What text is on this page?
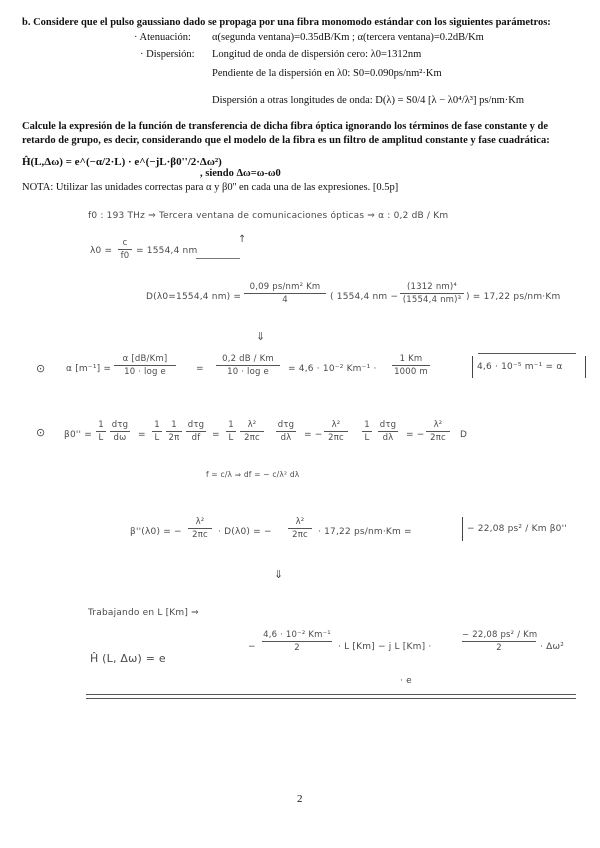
b. Considere que el pulso gaussiano dado se propaga por una fibra monomodo estándar con los siguientes parámetros:
· Atenuación: α(segunda ventana)=0.35dB/Km ; α(tercera ventana)=0.2dB/Km
· Dispersión: Longitud de onda de dispersión cero: λ0=1312nm
Pendiente de la dispersión en λ0: S0=0.090ps/nm²·Km
Dispersión a otras longitudes de onda: D(λ) = S0/4 [λ − λ0⁴/λ³] ps/nm·Km
Calcule la expresión de la función de transferencia de dicha fibra óptica ignorando los términos de fase constante y de
retardo de grupo, es decir, considerando que el modelo de la fibra es un filtro de amplitud constante y fase cuadrática:
Ĥ(L,Δω) = e^(−α/2·L) · e^(−jL·β0''/2·Δω²)
, siendo Δω=ω-ω0
NOTA: Utilizar las unidades correctas para α y β0'' en cada una de las expresiones. [0.5p]
f0 : 193 THz ⇒ Tercera ventana de comunicaciones ópticas ⇒ α : 0,2 dB / Km
λ0 =
c
f0 = 1554,4 nm
↑
D(λ0=1554,4 nm) =
0,09 ps/nm² Km
4	( 1554,4 nm −
(1312 nm)⁴
(1554,4 nm)³ ) = 17,22 ps/nm·Km
⇓
⊙ α [m⁻¹] =
α [dB/Km]
10 · log e	=
0,2 dB / Km
10 · log e	= 4,6 · 10⁻² Km⁻¹ ·
1 Km
1000 m	4,6 · 10⁻⁵ m⁻¹ = α
⊙ β0'' =
1
L
dτg
dω	=
1
L
1
2π
dτg
df	=
1
L
λ²
2πc
dτg
dλ	= −
λ²
2πc
1
L
dτg
dλ	= −
λ²
2πc	D
f = c/λ ⇒ df = − c/λ² dλ
β''(λ0) = −
λ²
2πc	· D(λ0) = −
λ²
2πc	· 17,22 ps/nm·Km =	− 22,08 ps² / Km β0''
⇓
Trabajando en L [Km] ⇒
Ĥ (L, Δω) = e
−
4,6 · 10⁻² Km⁻¹
2	· L [Km] − j L [Km] ·
− 22,08 ps² / Km
2	· Δω²
· e
2
